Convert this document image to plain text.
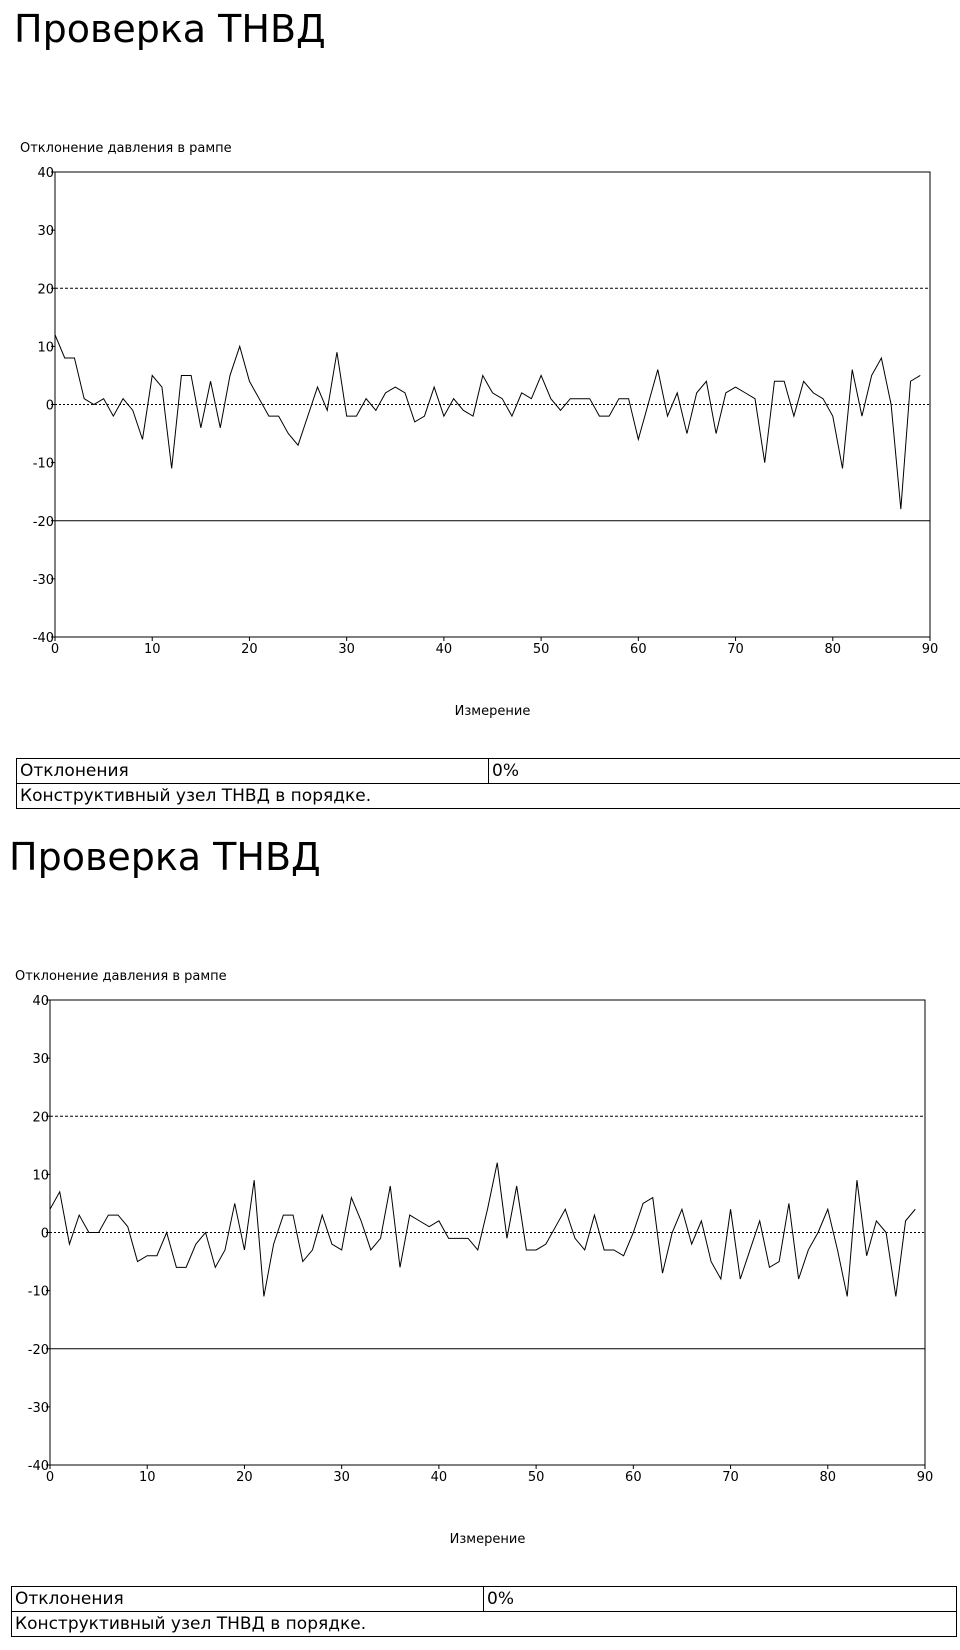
Проверка ТНВД
Отклонение давления в рампе
40
30
20
10
0
-10
-20
-30
-40
0	10	20	30	40	50	60	70	80	90
Измерение
Отклонения	0%
Конструктивный узел ТНВД в порядке.
Проверка ТНВД
Отклонение давления в рампе
40
30
20
10
0
-10
-20
-30
-40
0	10	20	30	40	50	60	70	80	90
Измерение
Отклонения	0%
Конструктивный узел ТНВД в порядке.
